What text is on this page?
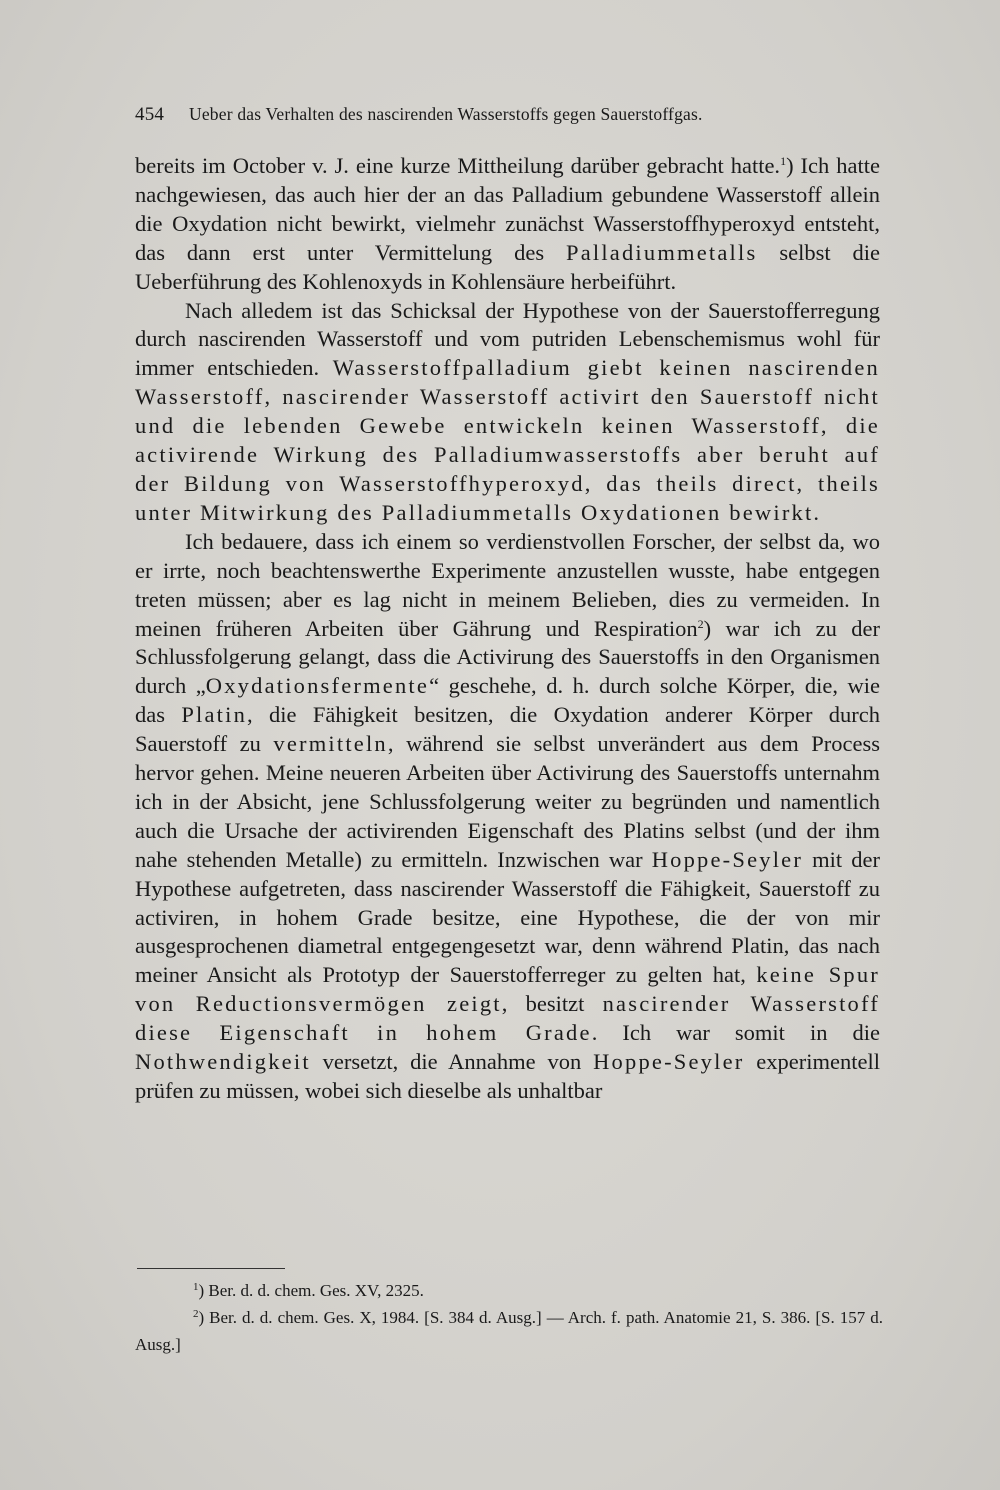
454 Ueber das Verhalten des nascirenden Wasserstoffs gegen Sauerstoffgas.

bereits im October v. J. eine kurze Mittheilung darüber gebracht hatte.$^1$) Ich hatte nachgewiesen, das auch hier der an das Palladium gebundene Wasserstoff allein die Oxydation nicht bewirkt, vielmehr zunächst Wasserstoffhyperoxyd entsteht, das dann erst unter Vermittelung des Palladiummetalls selbst die Ueberführung des Kohlenoxyds in Kohlensäure herbeiführt.

Nach alledem ist das Schicksal der Hypothese von der Sauerstofferregung durch nascirenden Wasserstoff und vom putriden Lebenschemismus wohl für immer entschieden. Wasserstoffpalladium giebt keinen nascirenden Wasserstoff, nascirender Wasserstoff activirt den Sauerstoff nicht und die lebenden Gewebe entwickeln keinen Wasserstoff, die activirende Wirkung des Palladiumwasserstoffs aber beruht auf der Bildung von Wasserstoffhyperoxyd, das theils direct, theils unter Mitwirkung des Palladiummetalls Oxydationen bewirkt.

Ich bedauere, dass ich einem so verdienstvollen Forscher, der selbst da, wo er irrte, noch beachtenswerthe Experimente anzustellen wusste, habe entgegen treten müssen; aber es lag nicht in meinem Belieben, dies zu vermeiden. In meinen früheren Arbeiten über Gährung und Respiration$^2$) war ich zu der Schlussfolgerung gelangt, dass die Activirung des Sauerstoffs in den Organismen durch „Oxydationsfermente“ geschehe, d. h. durch solche Körper, die, wie das Platin, die Fähigkeit besitzen, die Oxydation anderer Körper durch Sauerstoff zu vermitteln, während sie selbst unverändert aus dem Process hervor gehen. Meine neueren Arbeiten über Activirung des Sauerstoffs unternahm ich in der Absicht, jene Schlussfolgerung weiter zu begründen und namentlich auch die Ursache der activirenden Eigenschaft des Platins selbst (und der ihm nahe stehenden Metalle) zu ermitteln. Inzwischen war Hoppe-Seyler mit der Hypothese aufgetreten, dass nascirender Wasserstoff die Fähigkeit, Sauerstoff zu activiren, in hohem Grade besitze, eine Hypothese, die der von mir ausgesprochenen diametral entgegengesetzt war, denn während Platin, das nach meiner Ansicht als Prototyp der Sauerstofferreger zu gelten hat, keine Spur von Reductionsvermögen zeigt, besitzt nascirender Wasserstoff diese Eigenschaft in hohem Grade. Ich war somit in die Nothwendigkeit versetzt, die Annahme von Hoppe-Seyler experimentell prüfen zu müssen, wobei sich dieselbe als unhaltbar

$^1$) Ber. d. d. chem. Ges. XV, 2325.

$^2$) Ber. d. d. chem. Ges. X, 1984. [S. 384 d. Ausg.] — Arch. f. path. Anatomie 21, S. 386. [S. 157 d. Ausg.]
